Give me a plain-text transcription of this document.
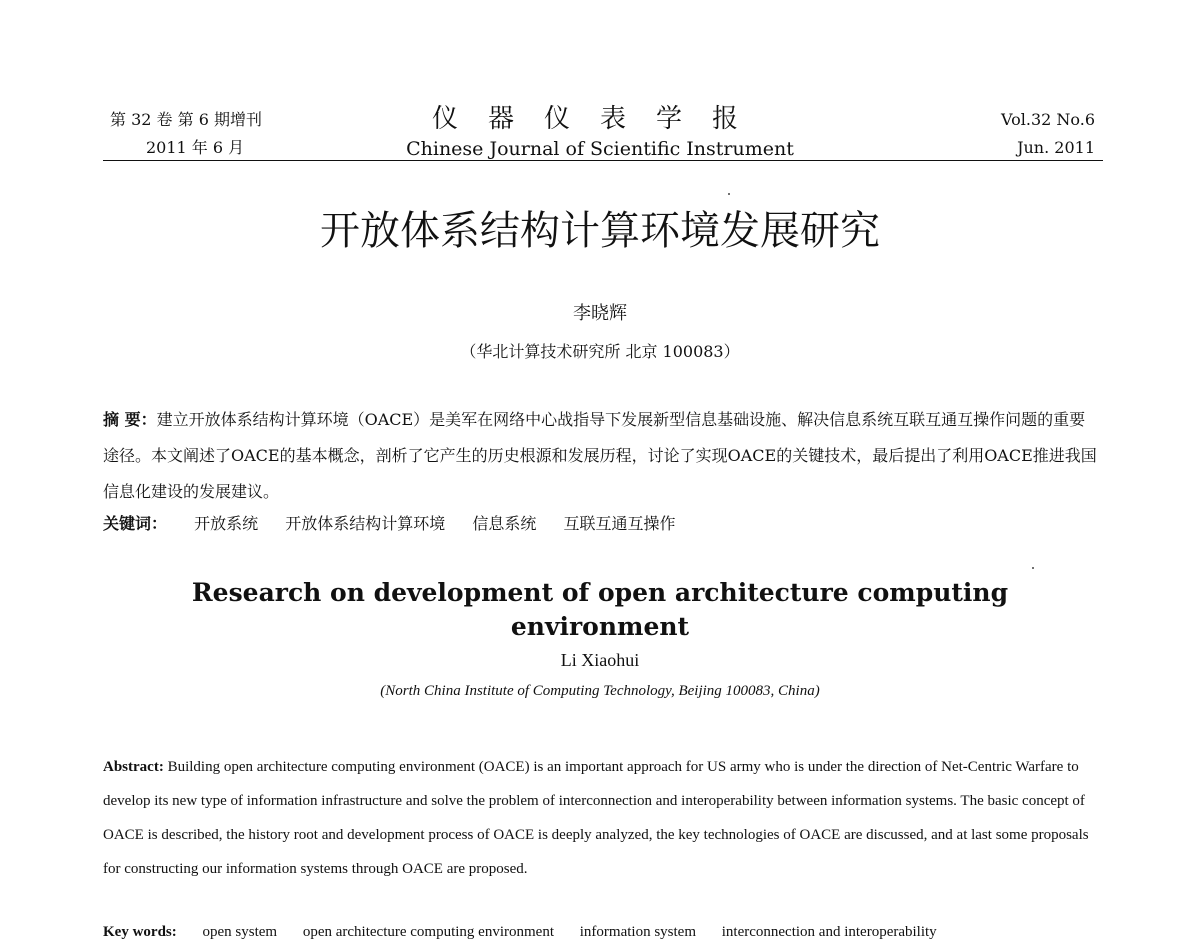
第 32 卷 第 6 期增刊
2011 年 6 月
仪器仪表学报
Chinese Journal of Scientific Instrument
Vol.32 No.6
Jun. 2011
开放体系结构计算环境发展研究
李晓辉
（华北计算技术研究所 北京 100083）
摘 要：建立开放体系结构计算环境（OACE）是美军在网络中心战指导下发展新型信息基础设施、解决信息系统互联互通互操作问题的重要途径。本文阐述了OACE的基本概念，剖析了它产生的历史根源和发展历程，讨论了实现OACE的关键技术，最后提出了利用OACE推进我国信息化建设的发展建议。
关键词： 开放系统 开放体系结构计算环境 信息系统 互联互通互操作
Research on development of open architecture computing environment
Li Xiaohui
(North China Institute of Computing Technology, Beijing 100083, China)
Abstract: Building open architecture computing environment (OACE) is an important approach for US army who is under the direction of Net-Centric Warfare to develop its new type of information infrastructure and solve the problem of interconnection and interoperability between information systems. The basic concept of OACE is described, the history root and development process of OACE is deeply analyzed, the key technologies of OACE are discussed, and at last some proposals for constructing our information systems through OACE are proposed.
Key words: open system open architecture computing environment information system interconnection and interoperability
